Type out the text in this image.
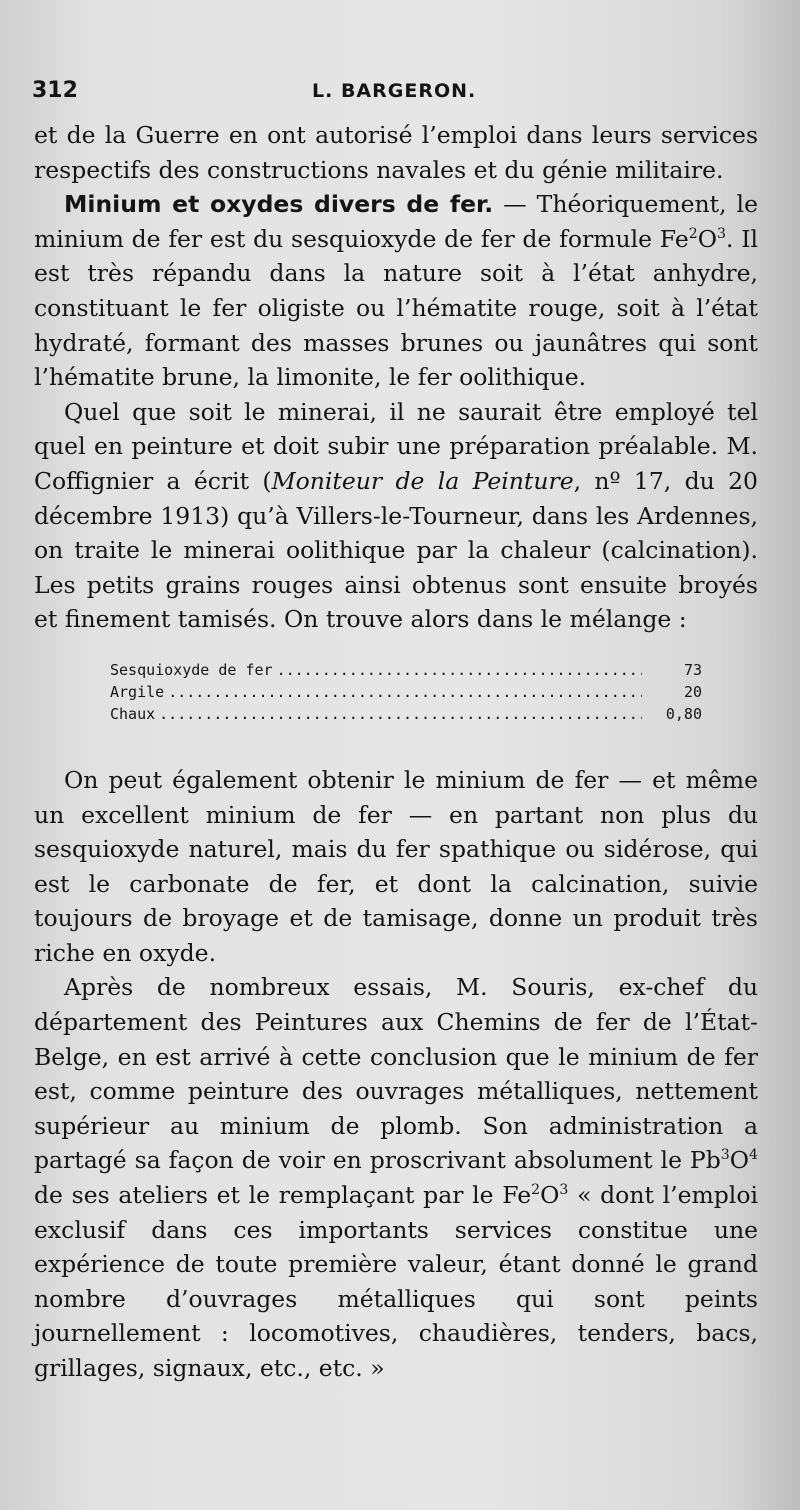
312	L. BARGERON.

et de la Guerre en ont autorisé l’emploi dans leurs services respectifs des constructions navales et du génie militaire.

Minium et oxydes divers de fer. — Théoriquement, le minium de fer est du sesquioxyde de fer de formule $Fe^2O^3$. Il est très répandu dans la nature soit à l’état anhydre, constituant le fer oligiste ou l’hématite rouge, soit à l’état hydraté, formant des masses brunes ou jaunâtres qui sont l’hématite brune, la limonite, le fer oolithique.

Quel que soit le minerai, il ne saurait être employé tel quel en peinture et doit subir une préparation préalable. M. Coffignier a écrit (Moniteur de la Peinture, nº 17, du 20 décembre 1913) qu’à Villers-le-Tourneur, dans les Ardennes, on traite le minerai oolithique par la chaleur (calcination). Les petits grains rouges ainsi obtenus sont ensuite broyés et finement tamisés. On trouve alors dans le mélange :

Sesquioxyde de fer .....	73
Argile .....	20
Chaux .....	0,80

On peut également obtenir le minium de fer — et même un excellent minium de fer — en partant non plus du sesquioxyde naturel, mais du fer spathique ou sidérose, qui est le carbonate de fer, et dont la calcination, suivie toujours de broyage et de tamisage, donne un produit très riche en oxyde.

Après de nombreux essais, M. Souris, ex-chef du département des Peintures aux Chemins de fer de l’État-Belge, en est arrivé à cette conclusion que le minium de fer est, comme peinture des ouvrages métalliques, nettement supérieur au minium de plomb. Son administration a partagé sa façon de voir en proscrivant absolument le $Pb^3O^4$ de ses ateliers et le remplaçant par le $Fe^2O^3$ « dont l’emploi exclusif dans ces importants services constitue une expérience de toute première valeur, étant donné le grand nombre d’ouvrages métalliques qui sont peints journellement : locomotives, chaudières, tenders, bacs, grillages, signaux, etc., etc. »
